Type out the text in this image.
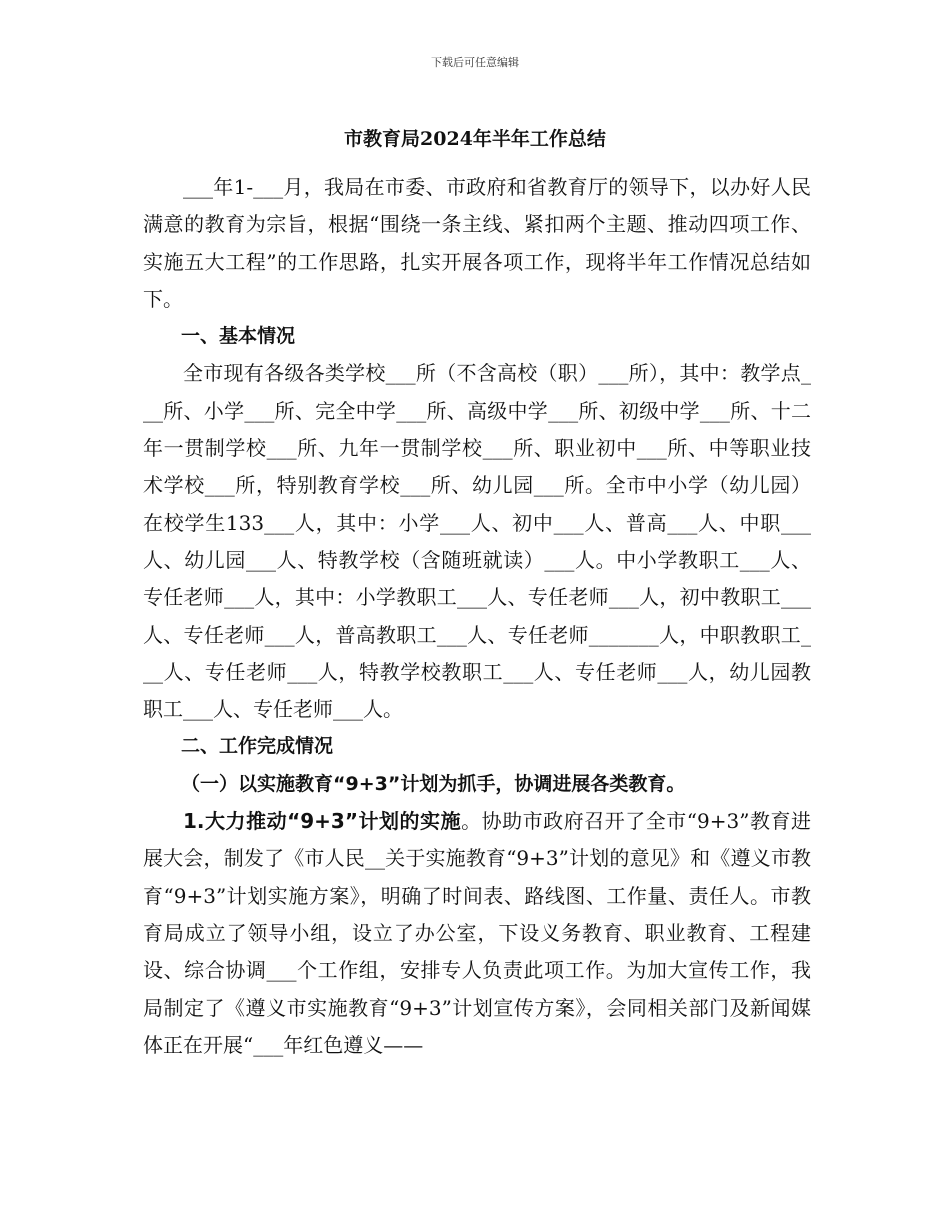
下载后可任意编辑
市教育局2024年半年工作总结

___年1-___月，我局在市委、市政府和省教育厅的领导下，以办好人民满意的教育为宗旨，根据“围绕一条主线、紧扣两个主题、推动四项工作、实施五大工程”的工作思路，扎实开展各项工作，现将半年工作情况总结如下。

一、基本情况

全市现有各级各类学校___所（不含高校（职）___所），其中：教学点___所、小学___所、完全中学___所、高级中学___所、初级中学___所、十二年一贯制学校___所、九年一贯制学校___所、职业初中___所、中等职业技术学校___所，特别教育学校___所、幼儿园___所。全市中小学（幼儿园）在校学生133___人，其中：小学___人、初中___人、普高___人、中职___人、幼儿园___人、特教学校（含随班就读）___人。中小学教职工___人、专任老师___人，其中：小学教职工___人、专任老师___人，初中教职工___人、专任老师___人，普高教职工___人、专任老师_______人，中职教职工___人、专任老师___人，特教学校教职工___人、专任老师___人，幼儿园教职工___人、专任老师___人。

二、工作完成情况

（一）以实施教育“9+3”计划为抓手，协调进展各类教育。

1.大力推动“9+3”计划的实施。协助市政府召开了全市“9+3”教育进展大会，制发了《市人民__关于实施教育“9+3”计划的意见》和《遵义市教育“9+3”计划实施方案》，明确了时间表、路线图、工作量、责任人。市教育局成立了领导小组，设立了办公室，下设义务教育、职业教育、工程建设、综合协调___个工作组，安排专人负责此项工作。为加大宣传工作，我局制定了《遵义市实施教育“9+3”计划宣传方案》，会同相关部门及新闻媒体正在开展“___年红色遵义——
